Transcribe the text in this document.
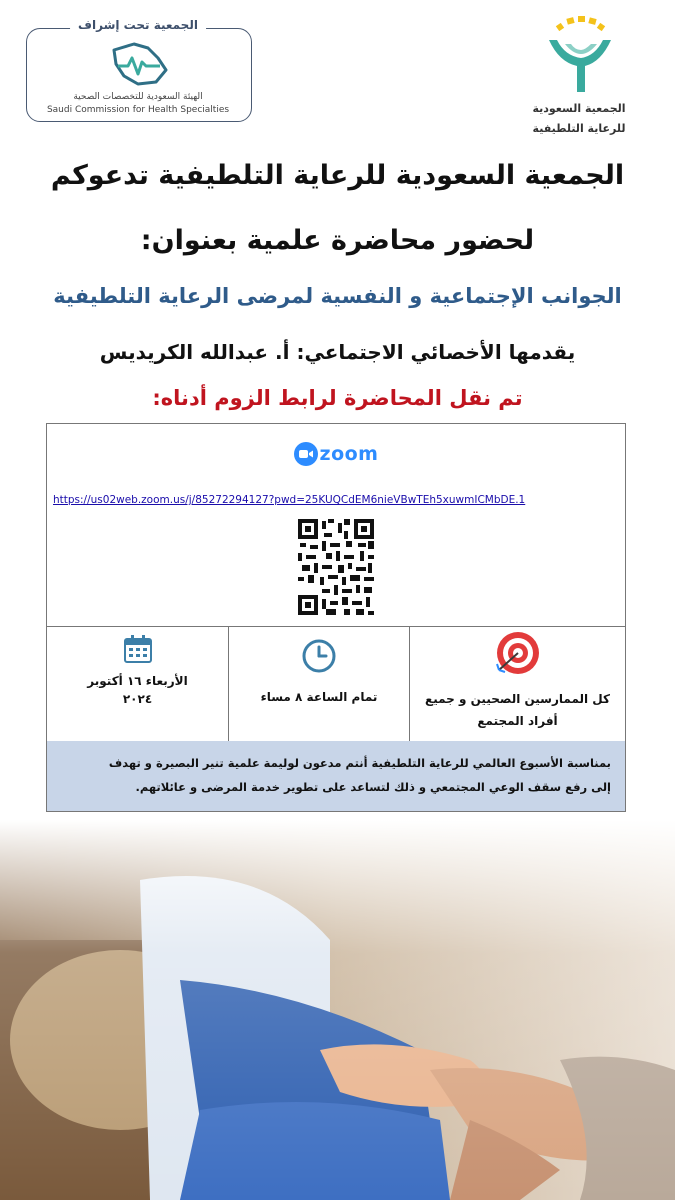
الجمعية السعودية
للرعاية التلطيفية
الجمعية تحت إشراف
الهيئة السعودية للتخصصات الصحية
Saudi Commission for Health Specialties
الجمعية السعودية للرعاية التلطيفية تدعوكم
لحضور محاضرة علمية بعنوان:
الجوانب الإجتماعية و النفسية لمرضى الرعاية التلطيفية
يقدمها الأخصائي الاجتماعي: أ. عبدالله الكريديس
تم نقل المحاضرة لرابط الزوم أدناه:
zoom
https://us02web.zoom.us/j/85272294127?pwd=25KUQCdEM6nieVBwTEh5xuwmICMbDE.1
كل الممارسين الصحيين و جميع
أفراد المجتمع
تمام الساعة ٨ مساء
الأربعاء ١٦ أكتوبر
٢٠٢٤
بمناسبة الأسبوع العالمي للرعاية التلطيفية أنتم مدعون لوليمة علمية تنير البصيرة و تهدف
إلى رفع سقف الوعي المجتمعي و ذلك لتساعد على تطوير خدمة المرضى و عائلاتهم.
